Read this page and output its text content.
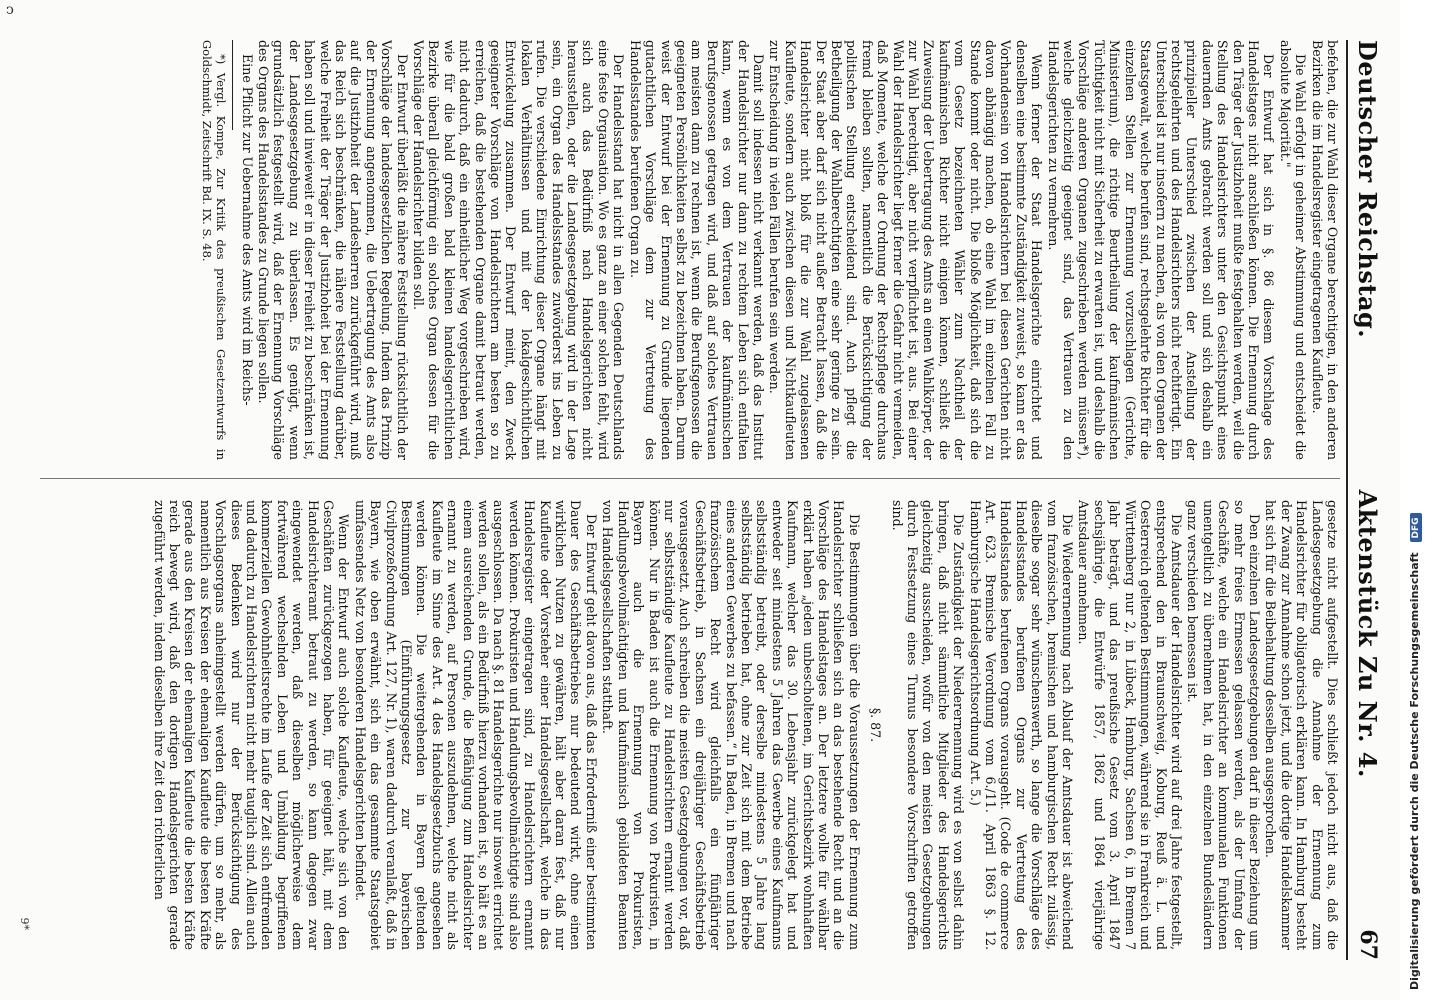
ↄ
Deutscher Reichstag.
Aktenstück Zu Nr. 4.
67

befehen, die zur Wahl dieser Organe berechtigen, in den anderen Bezirken die im Handelsregister eingetragenen Kaufleute.

Die Wahl erfolgt in geheimer Abstimmung und entscheidet die absolute Majorität."

Der Entwurf hat sich in §. 86 diesem Vorschlage des Handelstages nicht anschließen können. Die Ernennung durch den Träger der Justizhoheit mußte festgehalten werden, weil die Stellung des Handelsrichters unter den Gesichtspunkt eines dauernden Amts gebracht werden soll und sich deshalb ein prinzipieller Unterschied zwischen der Anstellung der rechtsgelehrten und des Handelsrichters nicht rechtfertigt. Ein Unterschied ist nur insofern zu machen, als von den Organen der Staatsgewalt, welche berufen sind, rechtsgelehrte Richter für die einzelnen Stellen zur Ernennung vorzuschlagen (Gerichte, Ministerium), die richtige Beurtheilung der kaufmännischen Tüchtigkeit nicht mit Sicherheit zu erwarten ist, und deshalb die Vorschläge anderen Organen zugeschrieben werden müssen*), welche gleichzeitig geeignet sind, das Vertrauen zu den Handelsgerichten zu vermehren.

Wenn ferner der Staat Handelsgerichte einrichtet und denselben eine bestimmte Zuständigkeit zuweist, so kann er das Vorhandensein von Handelsrichtern bei diesen Gerichten nicht davon abhängig machen, ob eine Wahl im einzelnen Fall zu Stande kommt oder nicht. Die bloße Möglichkeit, daß sich die vom Gesetz bezeichneten Wähler zum Nachtheil der kaufmännischen Richter nicht einigen können, schließt die Zuweisung der Uebertragung des Amts an einen Wahlkörper, der zur Wahl berechtigt, aber nicht verpflichtet ist, aus. Bei einer Wahl der Handelsrichter liegt ferner die Gefahr nicht vermeiden, daß Momente, welche der Ordnung der Rechtspflege durchaus fremd bleiben sollten, namentlich die Berücksichtigung der politischen Stellung entscheidend sind. Auch pflegt die Betheiligung der Wahlberechtigten eine sehr geringe zu sein. Der Staat aber darf sich nicht außer Betracht lassen, daß die Handelsrichter nicht bloß für die zur Wahl zugelassenen Kaufleute, sondern auch zwischen diesen und Nichtkaufleuten zur Entscheidung in vielen Fällen berufen sein werden.

Damit soll indessen nicht verkannt werden, daß das Institut der Handelsrichter nur dann zu rechtem Leben sich entfalten kann, wenn es von dem Vertrauen der kaufmännischen Berufsgenossen getragen wird, und daß auf solches Vertrauen am meisten dann zu rechnen ist, wenn die Berufsgenossen die geeigneten Persönlichkeiten selbst zu bezeichnen haben. Darum weist der Entwurf bei der Ernennung zu Grunde liegenden gutachtlichen Vorschläge dem zur Vertretung des Handelsstandes berufenen Organ zu.

Der Handelsstand hat nicht in allen Gegenden Deutschlands eine feste Organisation. Wo es ganz an einer solchen fehlt, wird sich auch das Bedürfniß nach Handelsgerichten nicht herausstellen, oder die Landesgesetzgebung wird in der Lage sein, ein Organ des Handelsstandes zuwörderst ins Leben zu rufen. Die verschiedene Einrichtung dieser Organe hängt mit lokalen Verhältnissen und mit der lokalgeschichtlichen Entwickelung zusammen. Der Entwurf meint, den Zweck geeigneter Vorschläge von Handelsrichtern am besten so zu erreichen, daß die bestehenden Organe damit betraut werden, nicht dadurch, daß ein einheitlicher Weg vorgeschrieben wird, wie für die bald großen bald kleinen handelsgerichtlichen Bezirke überall gleichförmig ein solches Organ dessen für die Vorschläge der Handelsrichter bilden soll.

Der Entwurf überläßt die nähere Feststellung rücksichtlich der Vorschläge der landesgesetzlichen Regelung. Indem das Prinzip der Ernennung angenommen, die Uebertragung des Amts also auf die Justizhoheit der Landesherren zurückgeführt wird, muß das Reich sich beschränken, die nähere Feststellung darüber, welche Freiheit der Träger der Justizhoheit bei der Ernennung haben soll und inwieweit er in dieser Freiheit zu beschränken ist, der Landesgesetzgebung zu überlassen. Es genügt, wenn grundsätzlich festgestellt wird, daß der Ernennung Vorschläge des Organs des Handelsstandes zu Grunde liegen sollen.

Eine Pflicht zur Uebernahme des Amts wird im Reichs-

*) Vergl. Kompe, Zur Kritik des preußischen Gesetzentwurfs in Goldschmidt, Zeitschrift Bd. IX. S. 48.

gesetze nicht aufgestellt. Dies schließt jedoch nicht aus, daß die Landesgesetzgebung die Annahme der Ernennung zum Handelsrichter für obligatorisch erklären kann. In Hamburg besteht der Zwang zur Annahme schon jetzt, und die dortige Handelskammer hat sich für die Beibehaltung desselben ausgesprochen.

Den einzelnen Landesgesetzgebungen darf in dieser Beziehung um so mehr freies Ermessen gelassen werden, als der Umfang der Geschäfte, welche ein Handelsrichter an kommunalen Funktionen unentgeltlich zu übernehmen hat, in den einzelnen Bundesländern ganz verschieden bemessen ist.

Die Amtsdauer der Handelsrichter wird auf drei Jahre festgestellt, entsprechend den in Braunschweig, Koburg, Reuß ä. L. und Oesterreich geltenden Bestimmungen, während sie in Frankreich und Württemberg nur 2, in Lübeck, Hamburg, Sachsen 6, in Bremen 7 Jahr beträgt, und das preußische Gesetz vom 3. April 1847 sechsjährige, die Entwürfe 1857, 1862 und 1864 vierjährige Amtsdauer annehmen.

Die Wiederernennung nach Ablauf der Amtsdauer ist abweichend vom französischen, bremischen und hamburgischen Recht zulässig, dieselbe sogar sehr wünschenswerth, so lange die Vorschläge des Handelsstandes berufenen Organs zur Vertretung des Handelsstandes berufenen Organs vorausgeht. (Code de commerce Art. 623. Bremische Verordnung vom 6./11. April 1863 §. 12. Hamburgische Handelsgerichtsordnung Art. 5.)

Die Zuständigkeit der Niederernennung wird es von selbst dahin bringen, daß nicht sämmtliche Mitglieder des Handelsgerichts gleichzeitig ausscheiden, wofür von den meisten Gesetzgebungen durch Festsetzung eines Turnus besondere Vorschriften getroffen sind.

§. 87.

Die Bestimmungen über die Voraussetzungen der Ernennung zum Handelsrichter schließen sich an das bestehende Recht und an die Vorschläge des Handelstages an. Der letztere wollte für wählbar erklärt haben „jeden unbescholtenen, im Gerichtsbezirk wohnhaften Kaufmann, welcher das 30. Lebensjahr zurückgelegt hat und entweder seit mindestens 5 Jahren das Gewerbe eines Kaufmanns selbstständig betreibt, oder derselbe mindestens 5 Jahre lang selbstständig betrieben hat, ohne zur Zeit sich mit dem Betriebe eines anderen Gewerbes zu befassen.“ In Baden, in Bremen und nach französischem Recht wird gleichfalls ein fünfjähriger Geschäftsbetrieb, in Sachsen ein dreijähriger Geschäftsbetrieb vorausgesetzt. Auch schreiben die meisten Gesetzgebungen vor, daß nur selbstständige Kaufleute zu Handelsrichtern ernannt werden können. Nur in Baden ist auch die Ernennung von Prokuristen, in Bayern auch die Ernennung von Prokuristen, Handlungsbevollmächtigten und kaufmännisch gebildeten Beamten von Handelsgesellschaften statthaft.

Der Entwurf geht davon aus, daß das Erforderniß einer bestimmten Dauer des Geschäftsbetriebes nur bedeutend wirkt, ohne einen wirklichen Nutzen zu gewähren, hält aber daran fest, daß nur Kaufleute oder Vorsteher einer Handelsgesellschaft, welche in das Handelsregister eingetragen sind, zu Handelsrichtern ernannt werden können. Prokuristen und Handlungsbevollmächtigte sind also ausgeschlossen. Da nach §. 81 Handelsgerichte nur insoweit errichtet werden sollen, als ein Bedürfniß hierzu vorhanden ist, so hält es an einem ausreichenden Grunde, die Befähigung zum Handelsrichter ernannt zu werden, auf Personen auszudehnen, welche nicht als Kaufleute im Sinne des Art. 4 des Handelsgesetzbuchs angesehen werden können. Die weitergehenden in Bayern geltenden Bestimmungen (Einführungsgesetz zur bayerischen Civilprozeßordnung Art. 127, Nr. 1), waren dadurch veranlaßt, daß in Bayern, wie oben erwähnt, sich ein das gesammte Staatsgebiet umfassendes Netz von besonderen Handelsgerichten befindet.

Wenn der Entwurf auch solche Kaufleute, welche sich von den Geschäften zurückgezogen haben, für geeignet hält, mit dem Handelsrichteramt betraut zu werden, so kann dagegen zwar eingewendet werden, daß dieselben möglicherweise dem fortwährend wechselnden Leben und Umbildung begriffenen kommerziellen Gewohnheitsrechte im Laufe der Zeit sich entfremden und dadurch zu Handelsrichtern nicht mehr tauglich sind. Allein auch dieses Bedenken wird nur der Berücksichtigung des Vorschlagsorgans anheimgestellt werden dürfen, um so mehr, als namentlich aus Kreisen der ehemaligen Kaufleute die besten Kräfte gerade aus den Kreisen der ehemaligen Kaufleute die besten Kräfte reich bewegt wird, daß den dortigen Handelsgerichten gerade zugeführt werden, indem dieselben ihre Zeit den richterlichen

9*	Digitalisierung gefördert durch die Deutsche Forschungsgemeinschaft DFG
